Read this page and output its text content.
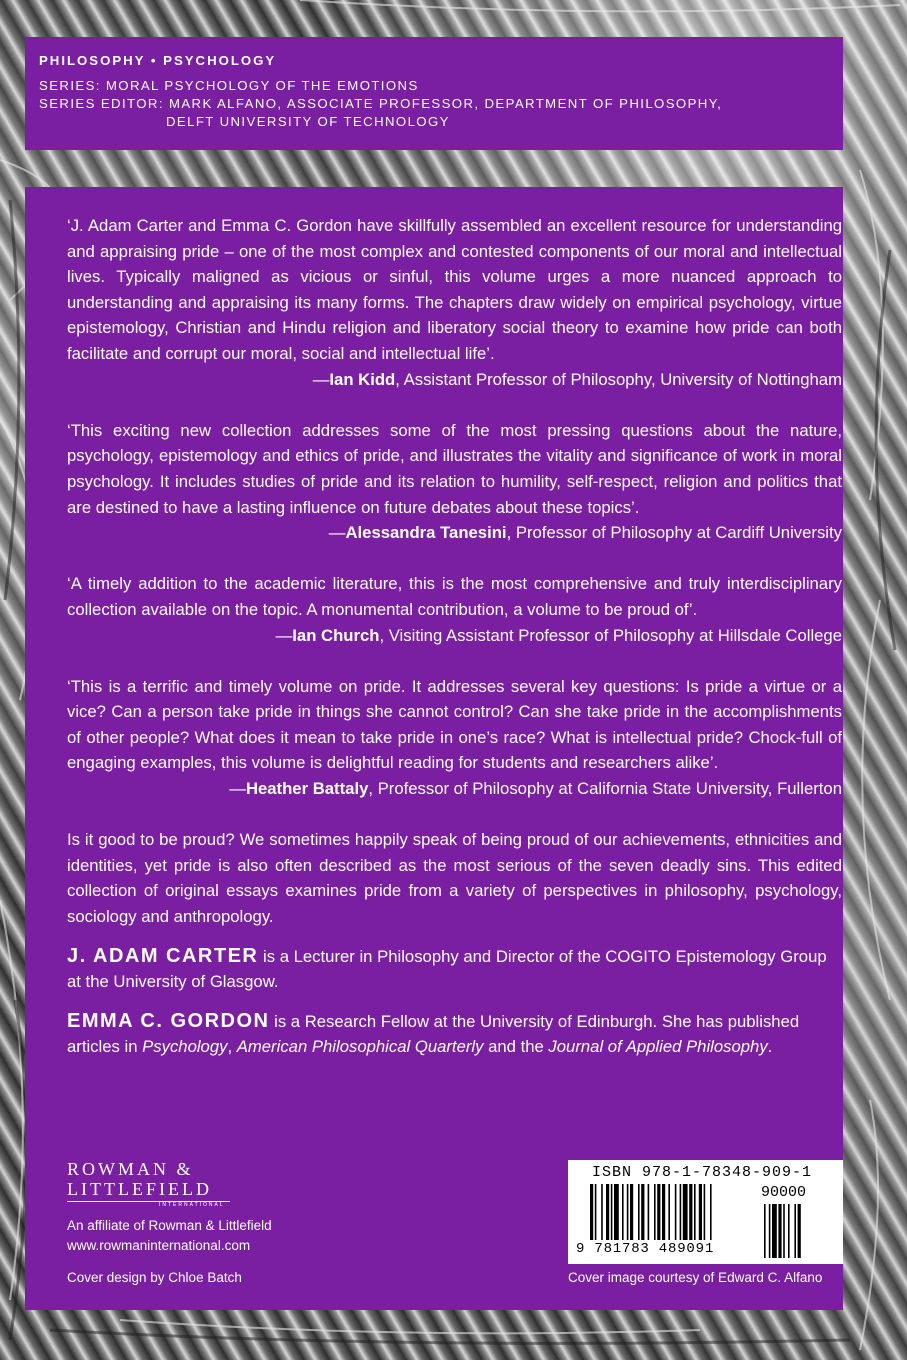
PHILOSOPHY • PSYCHOLOGY
SERIES: MORAL PSYCHOLOGY OF THE EMOTIONS
SERIES EDITOR: MARK ALFANO, ASSOCIATE PROFESSOR, DEPARTMENT OF PHILOSOPHY,
DELFT UNIVERSITY OF TECHNOLOGY

‘J. Adam Carter and Emma C. Gordon have skillfully assembled an excellent resource for understanding and appraising pride – one of the most complex and contested components of our moral and intellectual lives. Typically maligned as vicious or sinful, this volume urges a more nuanced approach to understanding and appraising its many forms. The chapters draw widely on empirical psychology, virtue epistemology, Christian and Hindu religion and liberatory social theory to examine how pride can both facilitate and corrupt our moral, social and intellectual life’.

—Ian Kidd, Assistant Professor of Philosophy, University of Nottingham

‘This exciting new collection addresses some of the most pressing questions about the nature, psychology, epistemology and ethics of pride, and illustrates the vitality and significance of work in moral psychology. It includes studies of pride and its relation to humility, self-respect, religion and politics that are destined to have a lasting influence on future debates about these topics’.

—Alessandra Tanesini, Professor of Philosophy at Cardiff University

‘A timely addition to the academic literature, this is the most comprehensive and truly interdisciplinary collection available on the topic. A monumental contribution, a volume to be proud of’.

—Ian Church, Visiting Assistant Professor of Philosophy at Hillsdale College

‘This is a terrific and timely volume on pride. It addresses several key questions: Is pride a virtue or a vice? Can a person take pride in things she cannot control? Can she take pride in the accomplishments of other people? What does it mean to take pride in one’s race? What is intellectual pride? Chock-full of engaging examples, this volume is delightful reading for students and researchers alike’.

—Heather Battaly, Professor of Philosophy at California State University, Fullerton

Is it good to be proud? We sometimes happily speak of being proud of our achievements, ethnicities and identities, yet pride is also often described as the most serious of the seven deadly sins. This edited collection of original essays examines pride from a variety of perspectives in philosophy, psychology, sociology and anthropology.

J. ADAM CARTER is a Lecturer in Philosophy and Director of the COGITO Epistemology Group at the University of Glasgow.

EMMA C. GORDON is a Research Fellow at the University of Edinburgh. She has published articles in Psychology, American Philosophical Quarterly and the Journal of Applied Philosophy.

ROWMAN &
LITTLEFIELD
INTERNATIONAL
An affiliate of Rowman & Littlefield
www.rowmaninternational.com
Cover design by Chloe Batch
ISBN 978-1-78348-909-1
90000
9 781783 489091
Cover image courtesy of Edward C. Alfano
